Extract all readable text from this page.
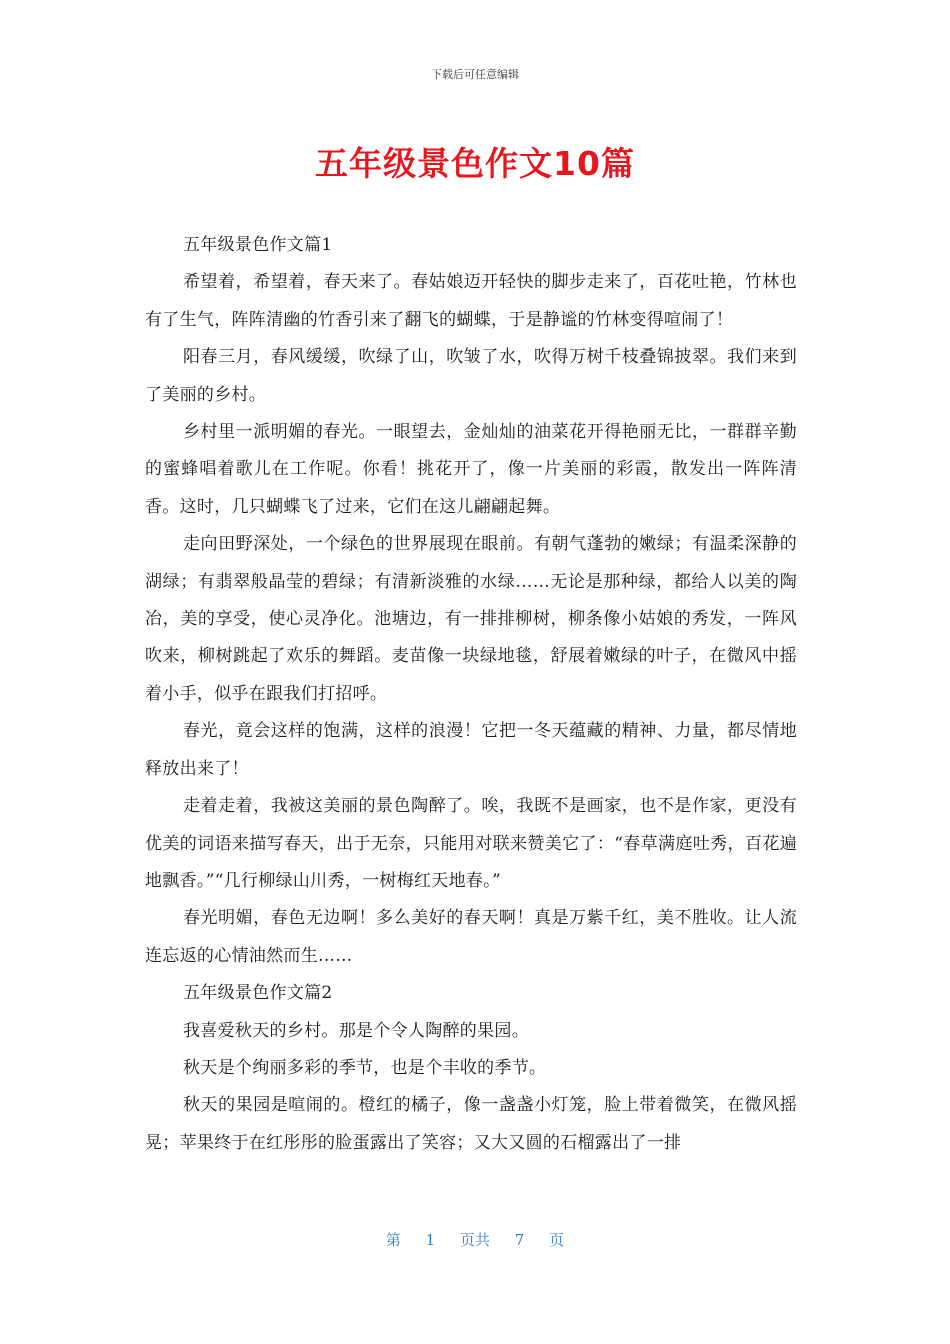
下载后可任意编辑
五年级景色作文10篇

五年级景色作文篇1

希望着，希望着，春天来了。春姑娘迈开轻快的脚步走来了，百花吐艳，竹林也有了生气，阵阵清幽的竹香引来了翻飞的蝴蝶，于是静谧的竹林变得喧闹了！

阳春三月，春风缓缓，吹绿了山，吹皱了水，吹得万树千枝叠锦披翠。我们来到了美丽的乡村。

乡村里一派明媚的春光。一眼望去，金灿灿的油菜花开得艳丽无比，一群群辛勤的蜜蜂唱着歌儿在工作呢。你看！挑花开了，像一片美丽的彩霞，散发出一阵阵清香。这时，几只蝴蝶飞了过来，它们在这儿翩翩起舞。

走向田野深处，一个绿色的世界展现在眼前。有朝气蓬勃的嫩绿；有温柔深静的湖绿；有翡翠般晶莹的碧绿；有清新淡雅的水绿……无论是那种绿，都给人以美的陶冶，美的享受，使心灵净化。池塘边，有一排排柳树，柳条像小姑娘的秀发，一阵风吹来，柳树跳起了欢乐的舞蹈。麦苗像一块绿地毯，舒展着嫩绿的叶子，在微风中摇着小手，似乎在跟我们打招呼。

春光，竟会这样的饱满，这样的浪漫！它把一冬天蕴藏的精神、力量，都尽情地释放出来了！

走着走着，我被这美丽的景色陶醉了。唉，我既不是画家，也不是作家，更没有优美的词语来描写春天，出于无奈，只能用对联来赞美它了：“春草满庭吐秀，百花遍地飘香。”“几行柳绿山川秀，一树梅红天地春。”

春光明媚，春色无边啊！多么美好的春天啊！真是万紫千红，美不胜收。让人流连忘返的心情油然而生……

五年级景色作文篇2

我喜爱秋天的乡村。那是个令人陶醉的果园。

秋天是个绚丽多彩的季节，也是个丰收的季节。

秋天的果园是喧闹的。橙红的橘子，像一盏盏小灯笼，脸上带着微笑，在微风摇晃；苹果终于在红彤彤的脸蛋露出了笑容；又大又圆的石榴露出了一排

第 1 页共 7 页
